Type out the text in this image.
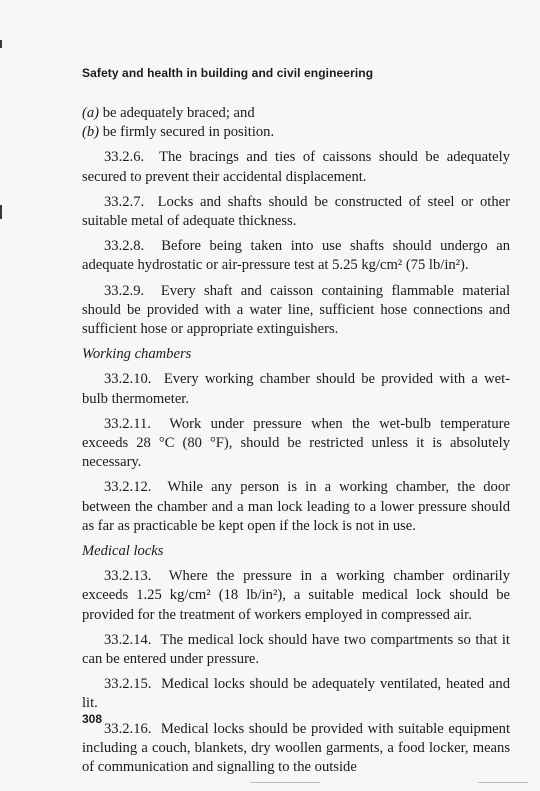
Safety and health in building and civil engineering

(a) be adequately braced; and

(b) be firmly secured in position.

33.2.6. The bracings and ties of caissons should be adequately secured to prevent their accidental displacement.

33.2.7. Locks and shafts should be constructed of steel or other suitable metal of adequate thickness.

33.2.8. Before being taken into use shafts should undergo an adequate hydrostatic or air-pressure test at 5.25 kg/cm² (75 lb/in²).

33.2.9. Every shaft and caisson containing flammable material should be provided with a water line, sufficient hose connections and sufficient hose or appropriate extinguishers.

Working chambers

33.2.10. Every working chamber should be provided with a wet-bulb thermometer.

33.2.11. Work under pressure when the wet-bulb temperature exceeds 28 °C (80 °F), should be restricted unless it is absolutely necessary.

33.2.12. While any person is in a working chamber, the door between the chamber and a man lock leading to a lower pressure should as far as practicable be kept open if the lock is not in use.

Medical locks

33.2.13. Where the pressure in a working chamber ordinarily exceeds 1.25 kg/cm² (18 lb/in²), a suitable medical lock should be provided for the treatment of workers employed in compressed air.

33.2.14. The medical lock should have two compartments so that it can be entered under pressure.

33.2.15. Medical locks should be adequately ventilated, heated and lit.

33.2.16. Medical locks should be provided with suitable equipment including a couch, blankets, dry woollen garments, a food locker, means of communication and signalling to the outside

308
